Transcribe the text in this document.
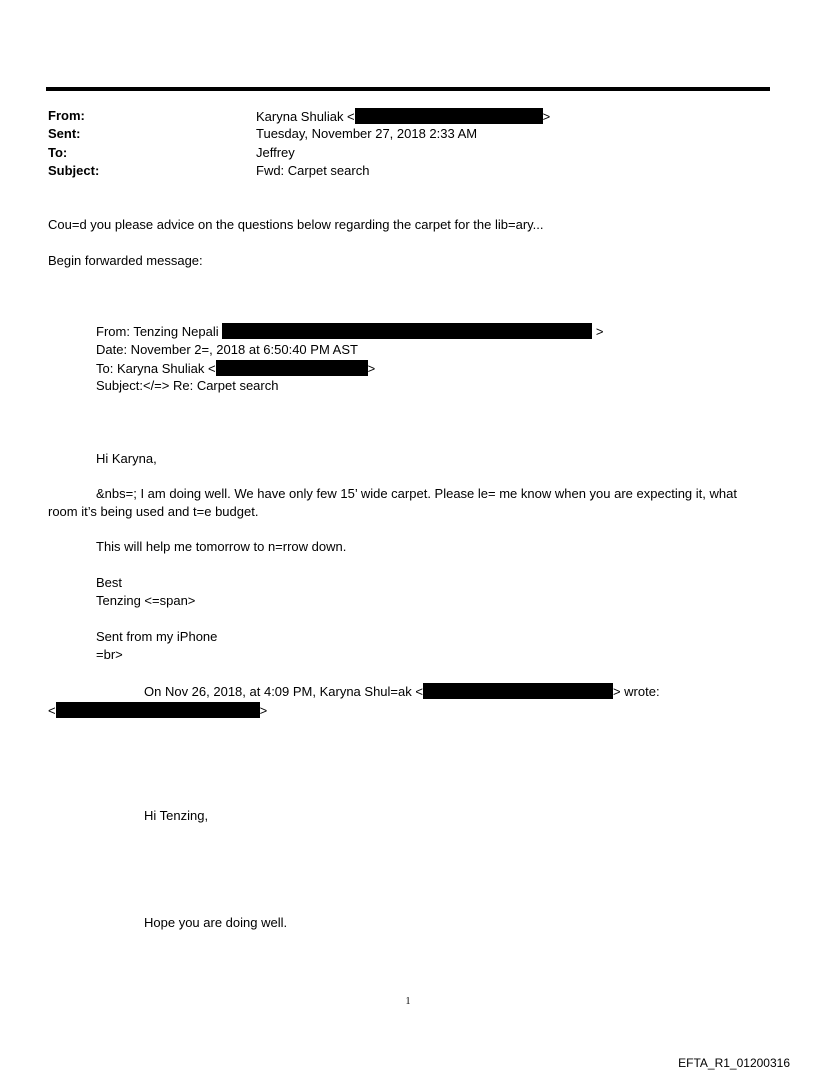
From:	Karyna Shuliak <	>
Sent:	Tuesday, November 27, 2018 2:33 AM
To:	Jeffrey
Subject:	Fwd: Carpet search
Cou=d you please advice on the questions below regarding the carpet for the lib=ary...
Begin forwarded message:
From: Tenzing Nepali	>
Date: November 2=, 2018 at 6:50:40 PM AST
To: Karyna Shuliak <	>
Subject:</=> Re: Carpet search
Hi Karyna,
&nbs=; I am doing well. We have only few 15’ wide carpet. Please le= me know when you are expecting it, what
room it’s being used and t=e budget.
This will help me tomorrow to n=rrow down.
Best
Tenzing <=span>
Sent from my iPhone
=br>
On Nov 26, 2018, at 4:09 PM, Karyna Shul=ak <	> wrote:
<	>
Hi Tenzing,
Hope you are doing well.
1
EFTA_R1_01200316
